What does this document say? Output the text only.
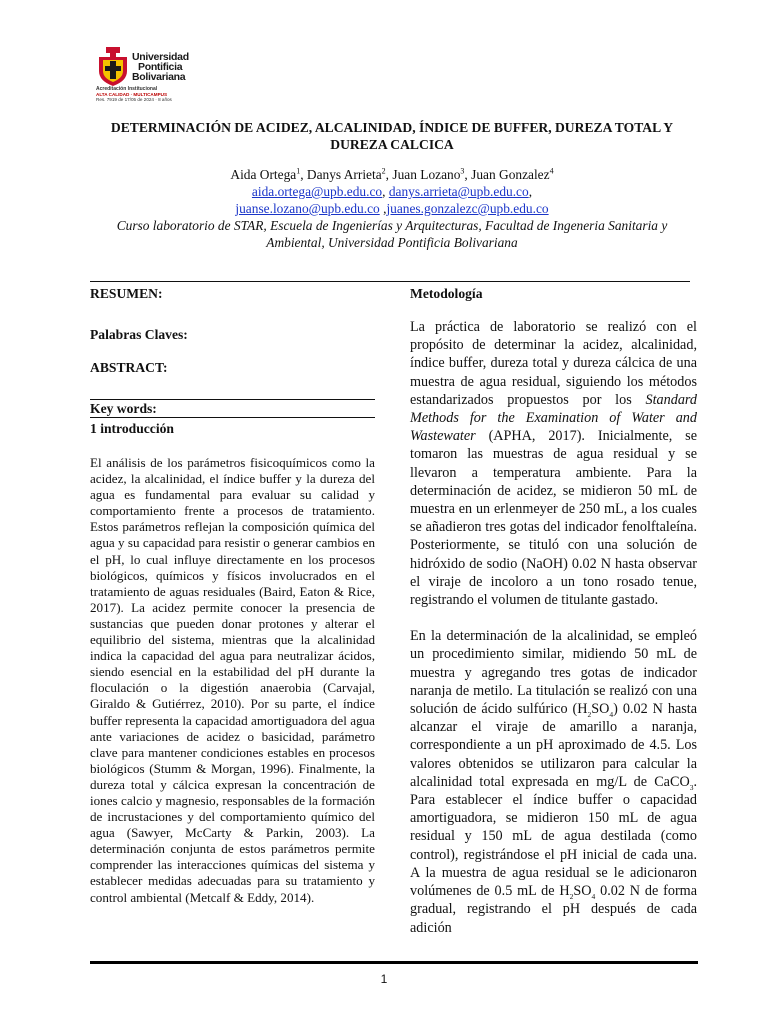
Universidad
Pontificia
Bolivariana
Acreditación Institucional
ALTA CALIDAD · MULTICAMPUS
Res. 7919 de 17/05 de 2024 · 8 años
DETERMINACIÓN DE ACIDEZ, ALCALINIDAD, ÍNDICE DE BUFFER, DUREZA TOTAL Y DUREZA CALCICA
Aida Ortega$^1$, Danys Arrieta$^2$, Juan Lozano$^3$, Juan Gonzalez$^4$
aida.ortega@upb.edu.co, danys.arrieta@upb.edu.co,
juanse.lozano@upb.edu.co ,juanes.gonzalezc@upb.edu.co
Curso laboratorio de STAR, Escuela de Ingenierías y Arquitecturas, Facultad de Ingeneria Sanitaria y
Ambiental, Universidad Pontificia Bolivariana
RESUMEN:
Palabras Claves:
ABSTRACT:
Key words:
1 introducción

El análisis de los parámetros fisicoquímicos como la acidez, la alcalinidad, el índice buffer y la dureza del agua es fundamental para evaluar su calidad y comportamiento frente a procesos de tratamiento. Estos parámetros reflejan la composición química del agua y su capacidad para resistir o generar cambios en el pH, lo cual influye directamente en los procesos biológicos, químicos y físicos involucrados en el tratamiento de aguas residuales (Baird, Eaton & Rice, 2017). La acidez permite conocer la presencia de sustancias que pueden donar protones y alterar el equilibrio del sistema, mientras que la alcalinidad indica la capacidad del agua para neutralizar ácidos, siendo esencial en la estabilidad del pH durante la floculación o la digestión anaerobia (Carvajal, Giraldo & Gutiérrez, 2010). Por su parte, el índice buffer representa la capacidad amortiguadora del agua ante variaciones de acidez o basicidad, parámetro clave para mantener condiciones estables en procesos biológicos (Stumm & Morgan, 1996). Finalmente, la dureza total y cálcica expresan la concentración de iones calcio y magnesio, responsables de la formación de incrustaciones y del comportamiento químico del agua (Sawyer, McCarty & Parkin, 2003). La determinación conjunta de estos parámetros permite comprender las interacciones químicas del sistema y establecer medidas adecuadas para su tratamiento y control ambiental (Metcalf & Eddy, 2014).

Metodología

La práctica de laboratorio se realizó con el propósito de determinar la acidez, alcalinidad, índice buffer, dureza total y dureza cálcica de una muestra de agua residual, siguiendo los métodos estandarizados propuestos por los Standard Methods for the Examination of Water and Wastewater (APHA, 2017). Inicialmente, se tomaron las muestras de agua residual y se llevaron a temperatura ambiente. Para la determinación de acidez, se midieron 50 mL de muestra en un erlenmeyer de 250 mL, a los cuales se añadieron tres gotas del indicador fenolftaleína. Posteriormente, se tituló con una solución de hidróxido de sodio (NaOH) 0.02 N hasta observar el viraje de incoloro a un tono rosado tenue, registrando el volumen de titulante gastado.

En la determinación de la alcalinidad, se empleó un procedimiento similar, midiendo 50 mL de muestra y agregando tres gotas de indicador naranja de metilo. La titulación se realizó con una solución de ácido sulfúrico $(H_2SO_4)$ 0.02 N hasta alcanzar el viraje de amarillo a naranja, correspondiente a un pH aproximado de 4.5. Los valores obtenidos se utilizaron para calcular la alcalinidad total expresada en mg/L de CaCO$_3$. Para establecer el índice buffer o capacidad amortiguadora, se midieron 150 mL de agua residual y 150 mL de agua destilada (como control), registrándose el pH inicial de cada una. A la muestra de agua residual se le adicionaron volúmenes de 0.5 mL de $H_2SO_4$ 0.02 N de forma gradual, registrando el pH después de cada adición

1
